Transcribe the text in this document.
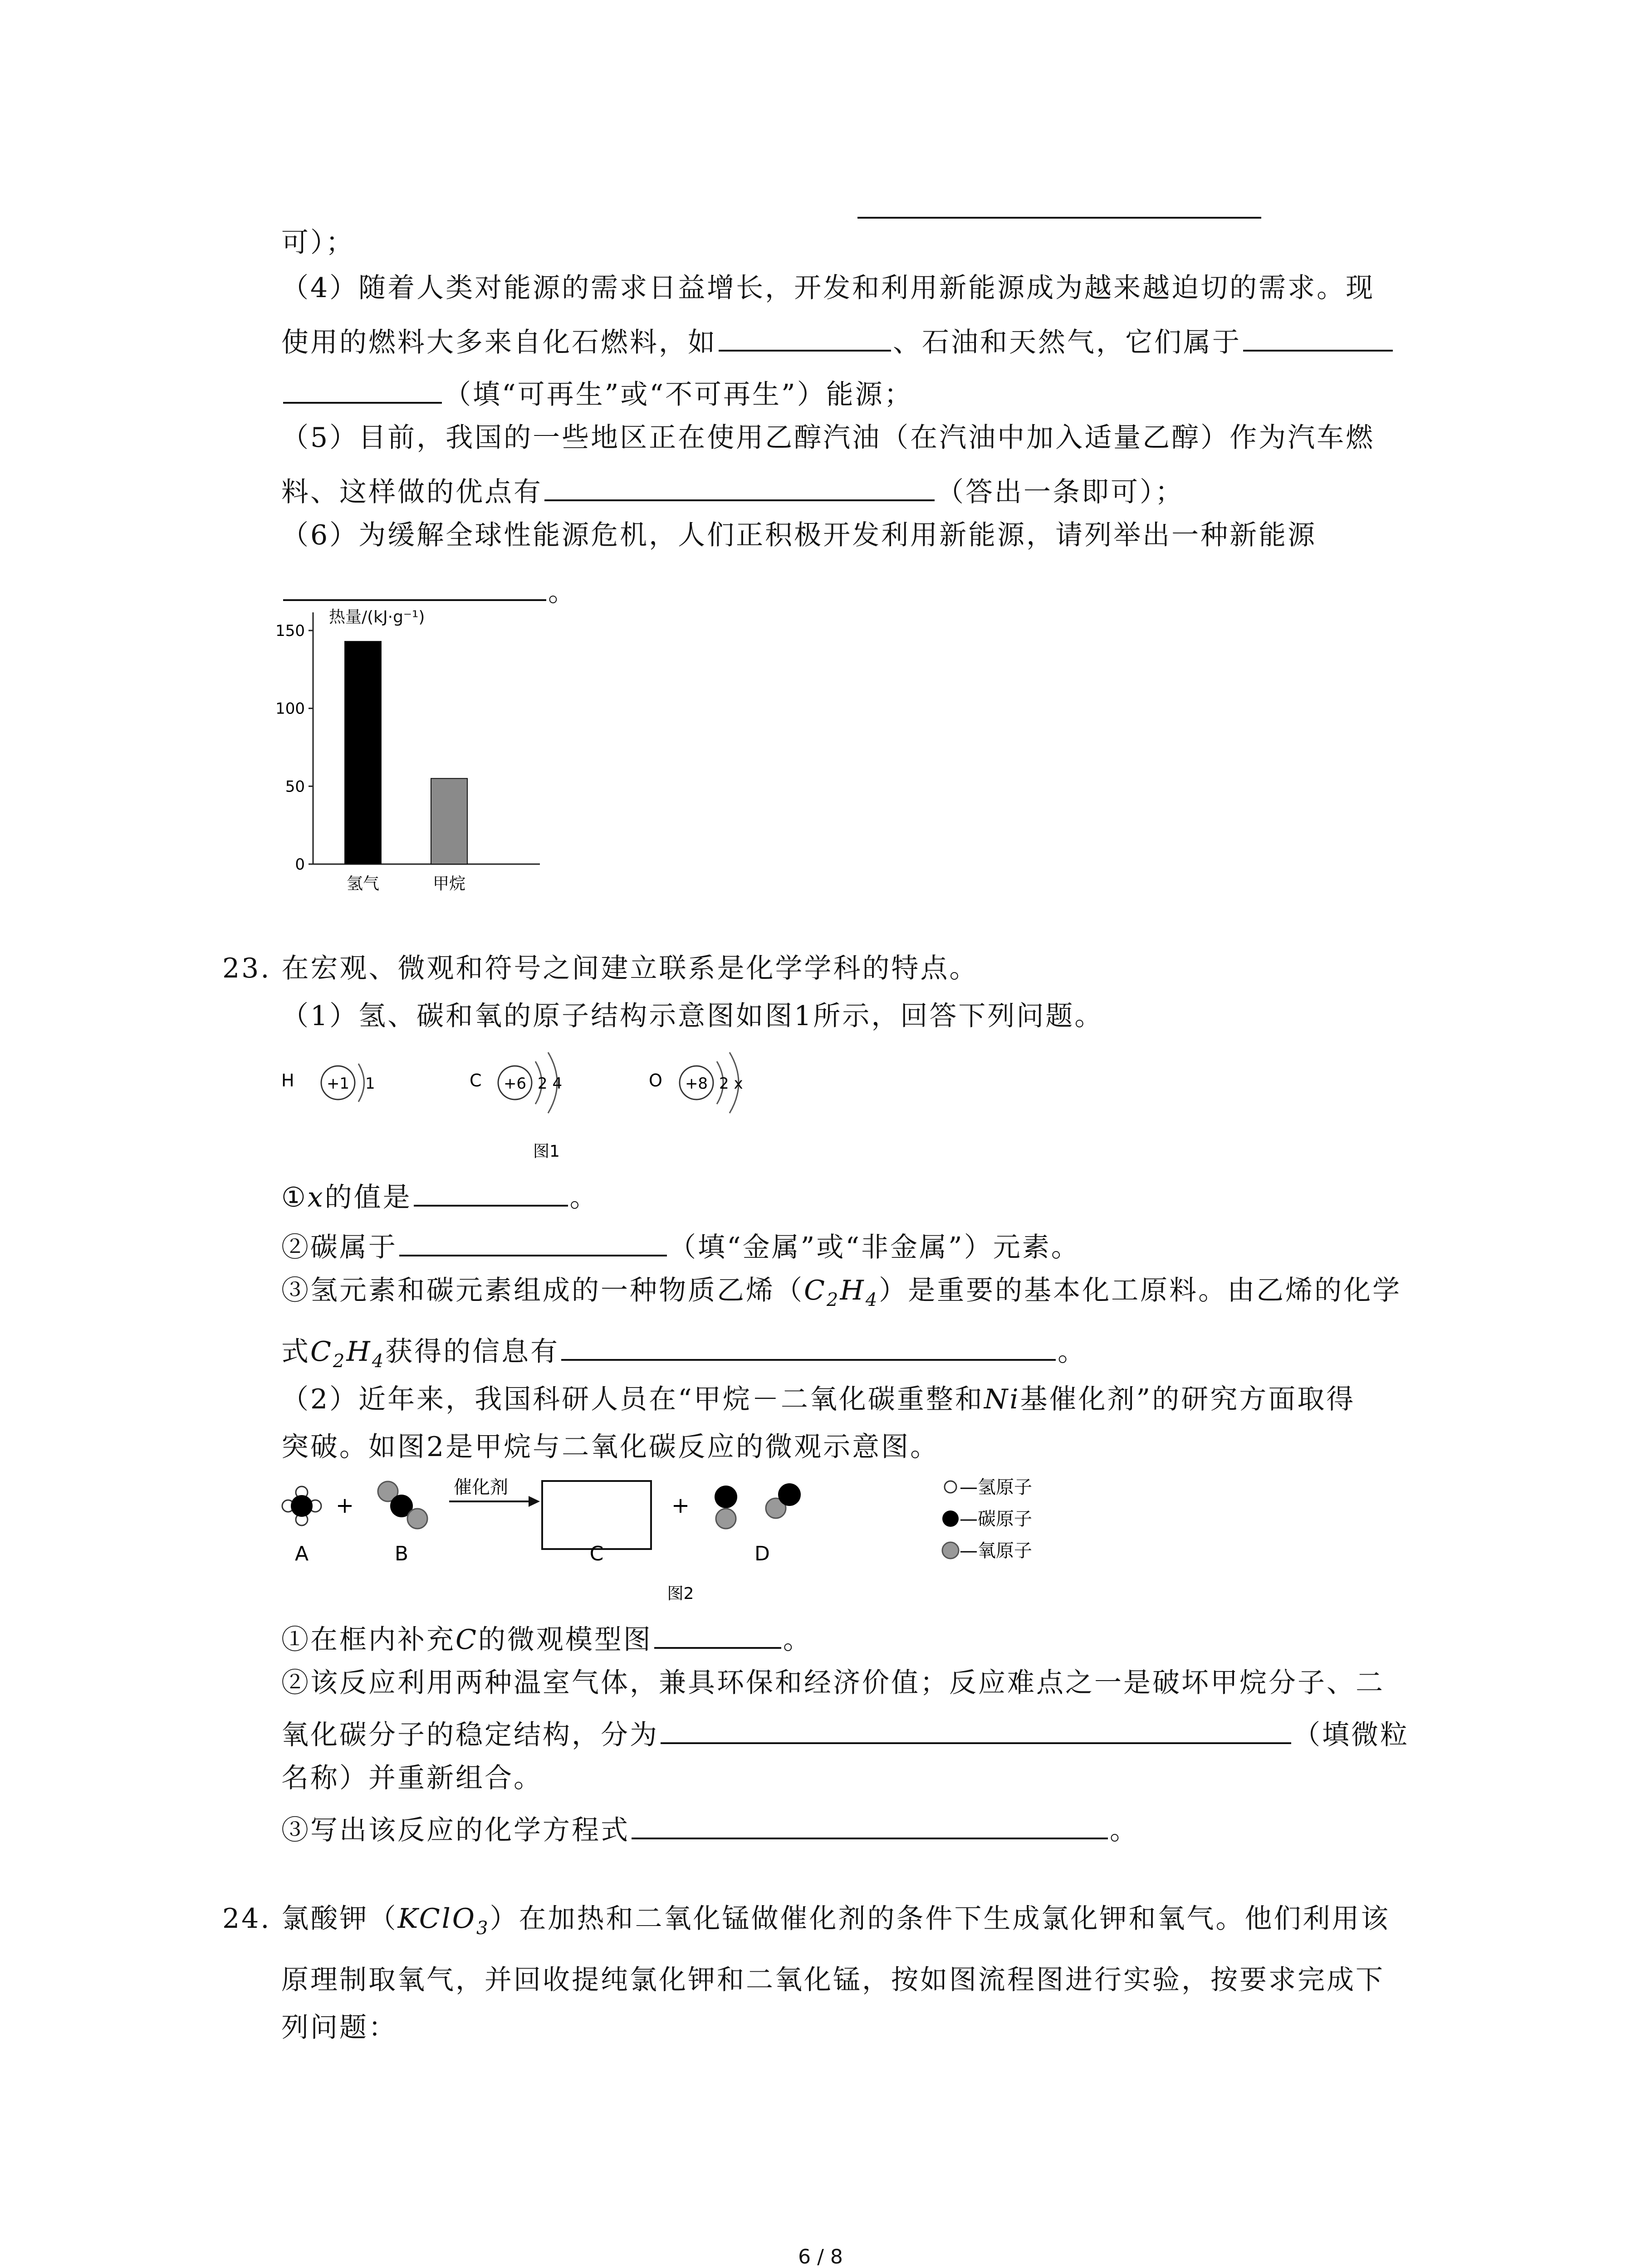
可）；
（4）随着人类对能源的需求日益增长，开发和利用新能源成为越来越迫切的需求。现
使用的燃料大多来自化石燃料，如	、石油和天然气，它们属于
（填“可再生”或“不可再生”）能源；
（5）目前，我国的一些地区正在使用乙醇汽油（在汽油中加入适量乙醇）作为汽车燃
料、这样做的优点有	（答出一条即可）；
（6）为缓解全球性能源危机，人们正积极开发利用新能源，请列举出一种新能源
。
热量/(kJ·g⁻¹)
0
50
100
150
氢气	甲烷
23. 在宏观、微观和符号之间建立联系是化学学科的特点。
（1）氢、碳和氧的原子结构示意图如图1所示，回答下列问题。
H +1 1	C +6 2 4	O +8 2 x
图1
①x的值是	。
②碳属于	（填“金属”或“非金属”）元素。
③氢元素和碳元素组成的一种物质乙烯$(C_2H_4)$是重要的基本化工原料。由乙烯的化学
式$C_2H_4$获得的信息有	。
（2）近年来，我国科研人员在“甲烷－二氧化碳重整和Ni基催化剂”的研究方面取得
突破。如图2是甲烷与二氧化碳反应的微观示意图。
+
催化剂
+
A	B	C	D
—氢原子
—碳原子
—氧原子
图2
①在框内补充C的微观模型图	。
②该反应利用两种温室气体，兼具环保和经济价值；反应难点之一是破坏甲烷分子、二
氧化碳分子的稳定结构，分为	（填微粒
名称）并重新组合。
③写出该反应的化学方程式	。
24. 氯酸钾（KClO$_3$）在加热和二氧化锰做催化剂的条件下生成氯化钾和氧气。他们利用该
原理制取氧气，并回收提纯氯化钾和二氧化锰，按如图流程图进行实验，按要求完成下
列问题：
6 / 8
